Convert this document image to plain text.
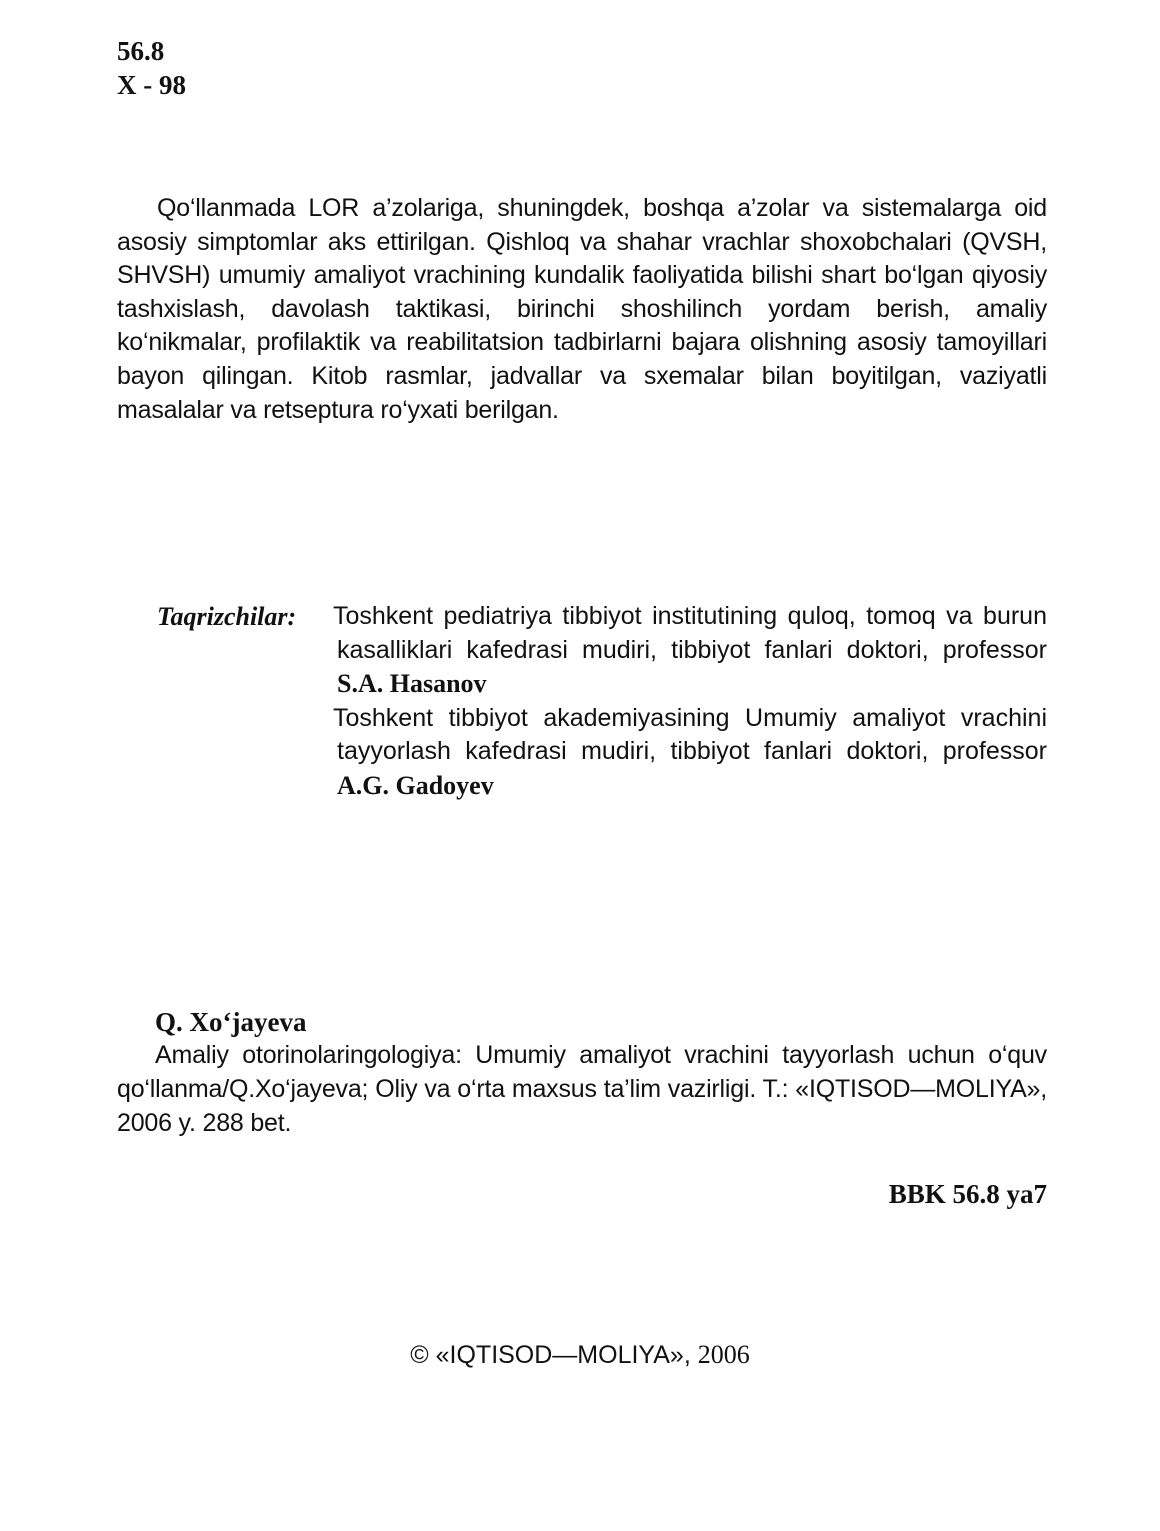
56.8
X - 98
Qo‘llanmada LOR a’zolariga, shuningdek, boshqa a’zolar va sistemalarga oid asosiy simptomlar aks ettirilgan. Qishloq va shahar vrachlar shoxobchalari (QVSH, SHVSH) umumiy amaliyot vrachining kundalik faoliyatida bilishi shart bo‘lgan qiyosiy tashxislash, davolash taktikasi, birinchi shoshilinch yordam berish, amaliy ko‘nikmalar, profilaktik va reabilitatsion tadbirlarni bajara olishning asosiy tamoyillari bayon qilingan. Kitob rasmlar, jadvallar va sxemalar bilan boyitilgan, vaziyatli masalalar va retseptura ro‘yxati berilgan.
Taqrizchilar: Toshkent pediatriya tibbiyot institutining quloq, tomoq va burun kasalliklari kafedrasi mudiri, tibbiyot fanlari doktori, professor S.A. Hasanov
Toshkent tibbiyot akademiyasining Umumiy amaliyot vrachini tayyorlash kafedrasi mudiri, tibbiyot fanlari doktori, professor A.G. Gadoyev
Q. Xo‘jayeva
Amaliy otorinolaringologiya: Umumiy amaliyot vrachini tayyorlash uchun o‘quv qo‘llanma/Q.Xo‘jayeva; Oliy va o‘rta maxsus ta’lim vazirligi. T.: «IQTISOD—MOLIYA», 2006 y. 288 bet.
BBK 56.8 ya7
© «IQTISOD—MOLIYA», 2006
